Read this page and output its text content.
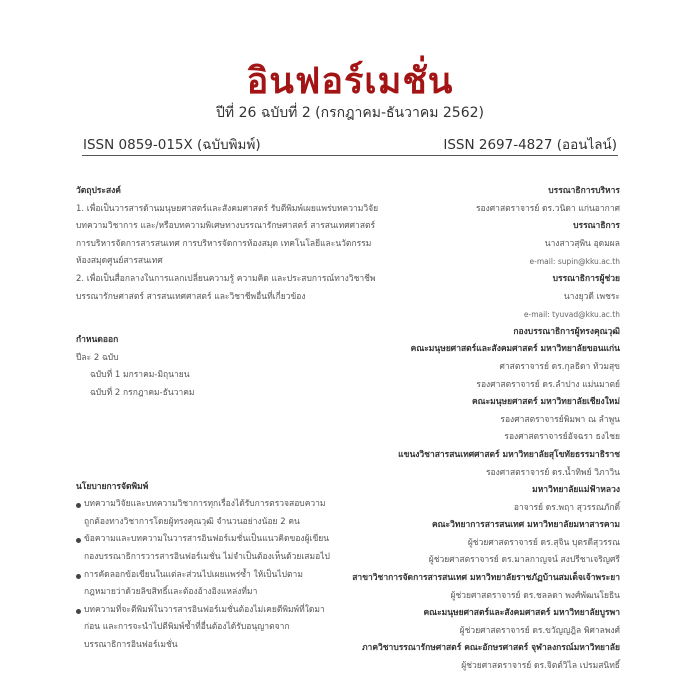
อินฟอร์เมชั่น
ปีที่ 26 ฉบับที่ 2 (กรกฎาคม-ธันวาคม 2562)
ISSN 0859-015X (ฉบับพิมพ์)	ISSN 2697-4827 (ออนไลน์)
วัตถุประสงค์
1. เพื่อเป็นวารสารด้านมนุษยศาสตร์และสังคมศาสตร์ รับตีพิมพ์เผยแพร่บทความวิจัย
บทความวิชาการ และ/หรือบทความพิเศษทางบรรณารักษศาสตร์ สารสนเทศศาสตร์
การบริหารจัดการสารสนเทศ การบริหารจัดการห้องสมุด เทคโนโลยีและนวัตกรรม
ห้องสมุดศูนย์สารสนเทศ
2. เพื่อเป็นสื่อกลางในการแลกเปลี่ยนความรู้ ความคิด และประสบการณ์ทางวิชาชีพ
บรรณารักษศาสตร์ สารสนเทศศาสตร์ และวิชาชีพอื่นที่เกี่ยวข้อง
กำหนดออก
ปีละ 2 ฉบับ
ฉบับที่ 1 มกราคม-มิถุนายน
ฉบับที่ 2 กรกฎาคม-ธันวาคม
นโยบายการจัดพิมพ์
บทความวิจัยและบทความวิชาการทุกเรื่องได้รับการตรวจสอบความ
ถูกต้องทางวิชาการโดยผู้ทรงคุณวุฒิ จำนวนอย่างน้อย 2 คน
ข้อความและบทความในวารสารอินฟอร์เมชั่นเป็นแนวคิดของผู้เขียน
กองบรรณาธิการวารสารอินฟอร์เมชั่น ไม่จำเป็นต้องเห็นด้วยเสมอไป
การคัดลอกข้อเขียนในแต่ละส่วนไปเผยแพร่ซ้ำ ให้เป็นไปตาม
กฎหมายว่าด้วยลิขสิทธิ์และต้องอ้างอิงแหล่งที่มา
บทความที่จะตีพิมพ์ในวารสารอินฟอร์เมชั่นต้องไม่เคยตีพิมพ์ที่ใดมา
ก่อน และการจะนำไปตีพิมพ์ซ้ำที่อื่นต้องได้รับอนุญาตจาก
บรรณาธิการอินฟอร์เมชั่น
บรรณาธิการบริหาร
รองศาสตราจารย์ ดร.วนิดา แก่นอากาศ
บรรณาธิการ
นางสาวสุพิน อุดมผล
e-mail: supin@kku.ac.th
บรรณาธิการผู้ช่วย
นางยุวดี เพชระ
e-mail: tyuvad@kku.ac.th
กองบรรณาธิการผู้ทรงคุณวุฒิ
คณะมนุษยศาสตร์และสังคมศาสตร์ มหาวิทยาลัยขอนแก่น
ศาสตราจารย์ ดร.กุลธิดา ท้วมสุข
รองศาสตราจารย์ ดร.ลำปาง แม่นมาตย์
คณะมนุษยศาสตร์ มหาวิทยาลัยเชียงใหม่
รองศาสตราจารย์พิมพา ณ ลำพูน
รองศาสตราจารย์อัจฉรา ธงไชย
แขนงวิชาสารสนเทศศาสตร์ มหาวิทยาลัยสุโขทัยธรรมาธิราช
รองศาสตราจารย์ ดร.น้ำทิพย์ วิภาวิน
มหาวิทยาลัยแม่ฟ้าหลวง
อาจารย์ ดร.พฤา สุวรรณภักดิ์
คณะวิทยาการสารสนเทศ มหาวิทยาลัยมหาสารคาม
ผู้ช่วยศาสตราจารย์ ดร.สุจิน บุตรดีสุวรรณ
ผู้ช่วยศาสตราจารย์ ดร.มาลกาญจน์ สงปรีชาเจริญศรี
สาขาวิชาการจัดการสารสนเทศ มหาวิทยาลัยราชภัฏบ้านสมเด็จเจ้าพระยา
ผู้ช่วยศาสตราจารย์ ดร.ชลลดา พงศ์พัฒนโยธิน
คณะมนุษยศาสตร์และสังคมศาสตร์ มหาวิทยาลัยบูรพา
ผู้ช่วยศาสตราจารย์ ดร.ขวัญญฎิล พิศาลพงศ์
ภาควิชาบรรณารักษศาสตร์ คณะอักษรศาสตร์ จุฬาลงกรณ์มหาวิทยาลัย
ผู้ช่วยศาสตราจารย์ ดร.จิตต์วิไล เปรมสนิทธิ์
